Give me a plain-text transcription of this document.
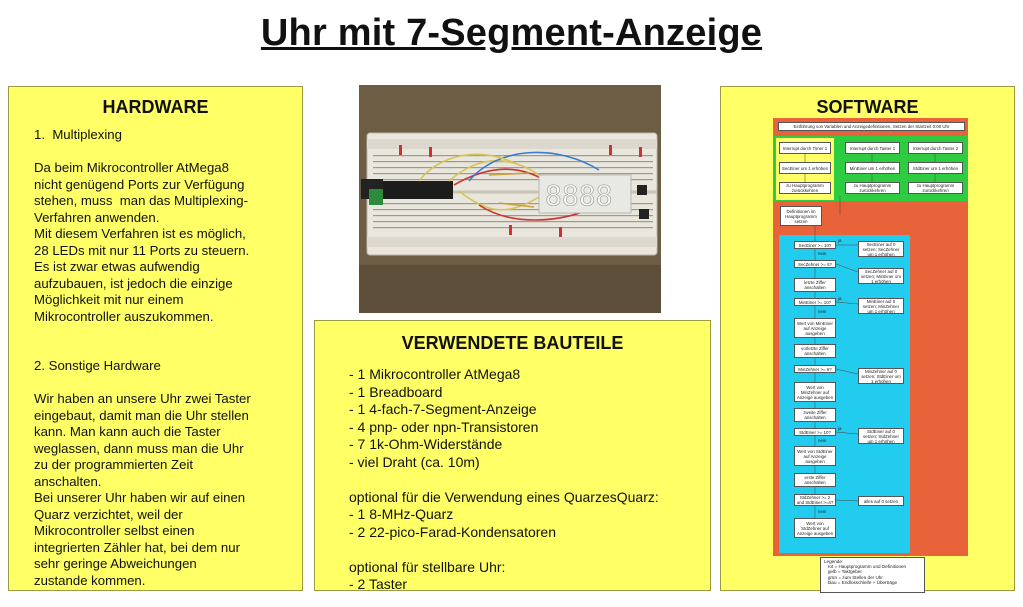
Uhr mit 7-Segment-Anzeige
HARDWARE
1.  Multiplexing

Da beim Mikrocontroller AtMega8
nicht genügend Ports zur Verfügung
stehen, muss  man das Multiplexing-
Verfahren anwenden.
Mit diesem Verfahren ist es möglich,
28 LEDs mit nur 11 Ports zu steuern.
Es ist zwar etwas aufwendig
aufzubauen, ist jedoch die einzige
Möglichkeit mit nur einem
Mikrocontroller auszukommen.

2. Sonstige Hardware

Wir haben an unsere Uhr zwei Taster
eingebaut, damit man die Uhr stellen
kann. Man kann auch die Taster
weglassen, dann muss man die Uhr
zu der programmierten Zeit
anschalten.
Bei unserer Uhr haben wir auf einen
Quarz verzichtet, weil der
Mikrocontroller selbst einen
integrierten Zähler hat, bei dem nur
sehr geringe Abweichungen
zustande kommen.
8888
VERWENDETE BAUTEILE
- 1 Mikrocontroller AtMega8
- 1 Breadboard
- 1 4-fach-7-Segment-Anzeige
- 4 pnp- oder npn-Transistoren
- 7 1k-Ohm-Widerstände
- viel Draht (ca. 10m)

optional für die Verwendung eines QuarzesQuarz:
- 1 8-MHz-Quarz
- 2 22-pico-Farad-Kondensatoren

optional für stellbare Uhr:
- 2 Taster
SOFTWARE
Einführung von Variablen und Anzeigedefinitionen, Setzen der Startzeit 0:00 Uhr
Interrupt durch Timer 1
SecEiner um 1 erhöhen
zu Hauptprogramm zurückkehren
Interrupt durch Taster 1
MinEiner um 1 erhöhen
zu Hauptprogramm zurückkehren
Interrupt durch Taster 2
StdEiner um 1 erhöhen
zu Hauptprogramm zurückkehren
Definitionen im Hauptprogramm setzen
SecEiner >= 10?
SecZehner >= 6?
letzte Ziffer anschalten
MinEiner >= 10?
Wert von MinEiner auf Anzeige ausgeben
vorletzte Ziffer anschalten
MinZehner >= 6?
Wert von MinZehner auf Anzeige ausgeben
zweite Ziffer anschalten
StdEiner >= 10?
Wert von StdEiner auf Anzeige ausgeben
erste Ziffer anschalten
StdZehner >= 2 und StdEiner >=4?
Wert von StdZehner auf Anzeige ausgeben
SecEiner auf 0 setzen; SecZehner um 1 erhöhen
SecZehner auf 0 setzen; MinEiner um 1 erhöhen
MinEiner auf 0 setzen; MinZehner um 1 erhöhen
MinZehner auf 0 setzen; StdEiner um 1 erhöhen
StdEiner auf 0 setzen; StdZehner um 1 erhöhen
alles auf 0 setzen
ja
nein
ja
nein
ja
nein
nein
Legende:
rot = Hauptprogramm und Definitionen
gelb = Taktgeber
grün = zum Stellen der Uhr
blau = Endlosschleife + Überträge
